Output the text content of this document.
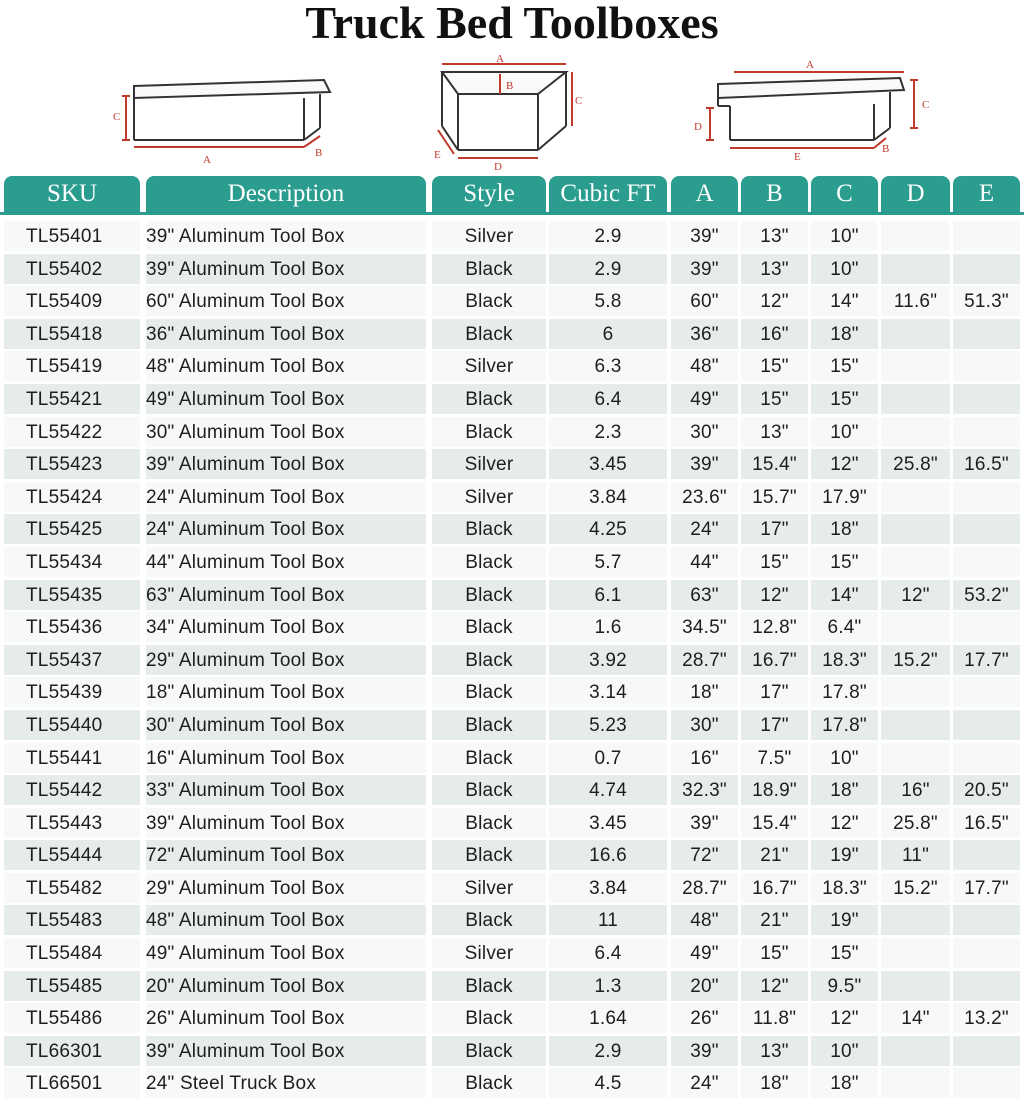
Truck Bed Toolboxes
C
A
B
A
B
C
D
E
A
B
C
D
E
SKU	Description	Style	Cubic FT	A	B	C	D	E
TL55401	39" Aluminum Tool Box	Silver	2.9	39"	13"	10"
TL55402	39" Aluminum Tool Box	Black	2.9	39"	13"	10"
TL55409	60" Aluminum Tool Box	Black	5.8	60"	12"	14"	11.6"	51.3"
TL55418	36" Aluminum Tool Box	Black	6	36"	16"	18"
TL55419	48" Aluminum Tool Box	Silver	6.3	48"	15"	15"
TL55421	49" Aluminum Tool Box	Black	6.4	49"	15"	15"
TL55422	30" Aluminum Tool Box	Black	2.3	30"	13"	10"
TL55423	39" Aluminum Tool Box	Silver	3.45	39"	15.4"	12"	25.8"	16.5"
TL55424	24" Aluminum Tool Box	Silver	3.84	23.6"	15.7"	17.9"
TL55425	24" Aluminum Tool Box	Black	4.25	24"	17"	18"
TL55434	44" Aluminum Tool Box	Black	5.7	44"	15"	15"
TL55435	63" Aluminum Tool Box	Black	6.1	63"	12"	14"	12"	53.2"
TL55436	34" Aluminum Tool Box	Black	1.6	34.5"	12.8"	6.4"
TL55437	29" Aluminum Tool Box	Black	3.92	28.7"	16.7"	18.3"	15.2"	17.7"
TL55439	18" Aluminum Tool Box	Black	3.14	18"	17"	17.8"
TL55440	30" Aluminum Tool Box	Black	5.23	30"	17"	17.8"
TL55441	16" Aluminum Tool Box	Black	0.7	16"	7.5"	10"
TL55442	33" Aluminum Tool Box	Black	4.74	32.3"	18.9"	18"	16"	20.5"
TL55443	39" Aluminum Tool Box	Black	3.45	39"	15.4"	12"	25.8"	16.5"
TL55444	72" Aluminum Tool Box	Black	16.6	72"	21"	19"	11"
TL55482	29" Aluminum Tool Box	Silver	3.84	28.7"	16.7"	18.3"	15.2"	17.7"
TL55483	48" Aluminum Tool Box	Black	11	48"	21"	19"
TL55484	49" Aluminum Tool Box	Silver	6.4	49"	15"	15"
TL55485	20" Aluminum Tool Box	Black	1.3	20"	12"	9.5"
TL55486	26" Aluminum Tool Box	Black	1.64	26"	11.8"	12"	14"	13.2"
TL66301	39" Aluminum Tool Box	Black	2.9	39"	13"	10"
TL66501	24" Steel Truck Box	Black	4.5	24"	18"	18"
